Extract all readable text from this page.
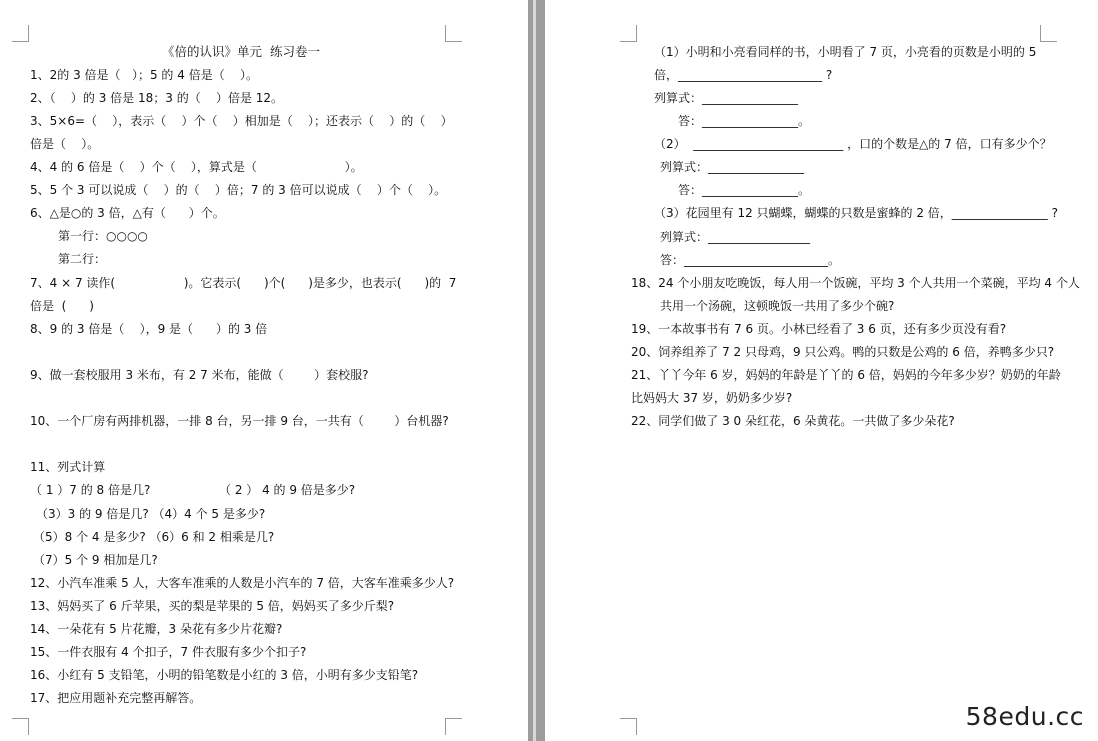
《倍的认识》单元  练习卷一
1、2的 3 倍是（   ）；5 的 4 倍是（    ）。
2、（    ）的 3 倍是 18；3 的（    ）倍是 12。
3、5×6=（    ），表示（    ）个（    ）相加是（    ）；还表示（    ）的（    ）
倍是（    ）。
4、4 的 6 倍是（    ）个（    ），算式是（                       ）。
5、5 个 3 可以说成（    ）的（    ）倍；7 的 3 倍可以说成（    ）个（    ）。
6、△是○的 3 倍，△有（      ）个。
第一行：○○○○
第二行：
7、4 × 7 读作(                  )。它表示(      )个(      )是多少，也表示(      )的  7
倍是  (      )
8、9 的 3 倍是（    ），9 是（      ）的 3 倍
9、做一套校服用 3 米布，有 2 7 米布，能做（        ）套校服?
10、一个厂房有两排机器，一排 8 台，另一排 9 台，一共有（        ）台机器?
11、列式计算
（ 1 ）7 的 8 倍是几?                  （ 2 ） 4 的 9 倍是多少?
（3）3 的 9 倍是几? （4）4 个 5 是多少?
（5）8 个 4 是多少? （6）6 和 2 相乘是几?
（7）5 个 9 相加是几?
12、小汽车准乘 5 人，大客车准乘的人数是小汽车的 7 倍，大客车准乘多少人?
13、妈妈买了 6 斤苹果，买的梨是苹果的 5 倍，妈妈买了多少斤梨?
14、一朵花有 5 片花瓣，3 朵花有多少片花瓣?
15、一件衣服有 4 个扣子，7 件衣服有多少个扣子?
16、小红有 5 支铅笔，小明的铅笔数是小红的 3 倍，小明有多少支铅笔?
17、把应用题补充完整再解答。
（1）小明和小亮看同样的书，小明看了 7 页，小亮看的页数是小明的 5
倍，________________________ ?
列算式：________________
答：________________。
（2）  _________________________ ，口的个数是△的 7 倍，口有多少个？
列算式：________________
答：________________。
（3）花园里有 12 只蝴蝶，蝴蝶的只数是蜜蜂的 2 倍，________________ ?
列算式：_________________
答：________________________。
18、24 个小朋友吃晚饭，每人用一个饭碗，平均 3 个人共用一个菜碗，平均 4 个人
共用一个汤碗，这顿晚饭一共用了多少个碗?
19、一本故事书有 7 6 页。小林已经看了 3 6 页，还有多少页没有看?
20、饲养组养了 7 2 只母鸡，9 只公鸡。鸭的只数是公鸡的 6 倍，养鸭多少只?
21、丫丫今年 6 岁，妈妈的年龄是丫丫的 6 倍，妈妈的今年多少岁？奶奶的年龄
比妈妈大 37 岁，奶奶多少岁?
22、同学们做了 3 0 朵红花，6 朵黄花。一共做了多少朵花?
58edu.cc
